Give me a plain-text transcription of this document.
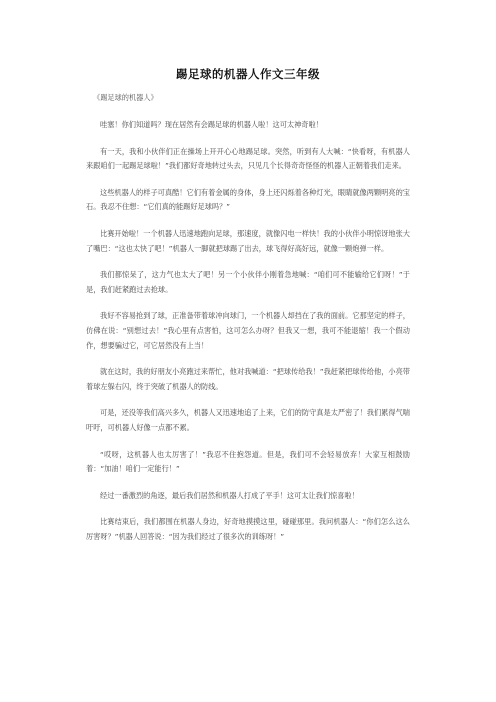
踢足球的机器人作文三年级
《踢足球的机器人》

哇塞！你们知道吗？现在居然有会踢足球的机器人啦！这可太神奇啦！

有一天，我和小伙伴们正在操场上开开心心地踢足球。突然，听到有人大喊：“快看呀，有机器人来跟咱们一起踢足球啦！”我们都好奇地转过头去，只见几个长得奇奇怪怪的机器人正朝着我们走来。

这些机器人的样子可真酷！它们有着金属的身体，身上还闪烁着各种灯光，眼睛就像两颗明亮的宝石。我忍不住想：“它们真的能踢好足球吗？”

比赛开始啦！一个机器人迅速地跑向足球，那速度，就像闪电一样快！我的小伙伴小明惊讶地张大了嘴巴：“这也太快了吧！”机器人一脚就把球踢了出去，球飞得好高好远，就像一颗炮弹一样。

我们都惊呆了，这力气也太大了吧！另一个小伙伴小刚着急地喊：“咱们可不能输给它们呀！”于是，我们赶紧跑过去抢球。

我好不容易抢到了球，正准备带着球冲向球门，一个机器人却挡在了我的面前。它那坚定的样子，仿佛在说：“别想过去！”我心里有点害怕，这可怎么办呀？但我又一想，我可不能退缩！我一个假动作，想要骗过它，可它居然没有上当！

就在这时，我的好朋友小亮跑过来帮忙，他对我喊道：“把球传给我！”我赶紧把球传给他，小亮带着球左躲右闪，终于突破了机器人的防线。

可是，还没等我们高兴多久，机器人又迅速地追了上来，它们的防守真是太严密了！我们累得气喘吁吁，可机器人好像一点都不累。

“哎呀，这机器人也太厉害了！”我忍不住抱怨道。但是，我们可不会轻易放弃！大家互相鼓励着：“加油！咱们一定能行！”

经过一番激烈的角逐，最后我们居然和机器人打成了平手！这可太让我们惊喜啦！

比赛结束后，我们都围在机器人身边，好奇地摸摸这里，碰碰那里。我问机器人：“你们怎么这么厉害呀？”机器人回答说：“因为我们经过了很多次的训练呀！”
